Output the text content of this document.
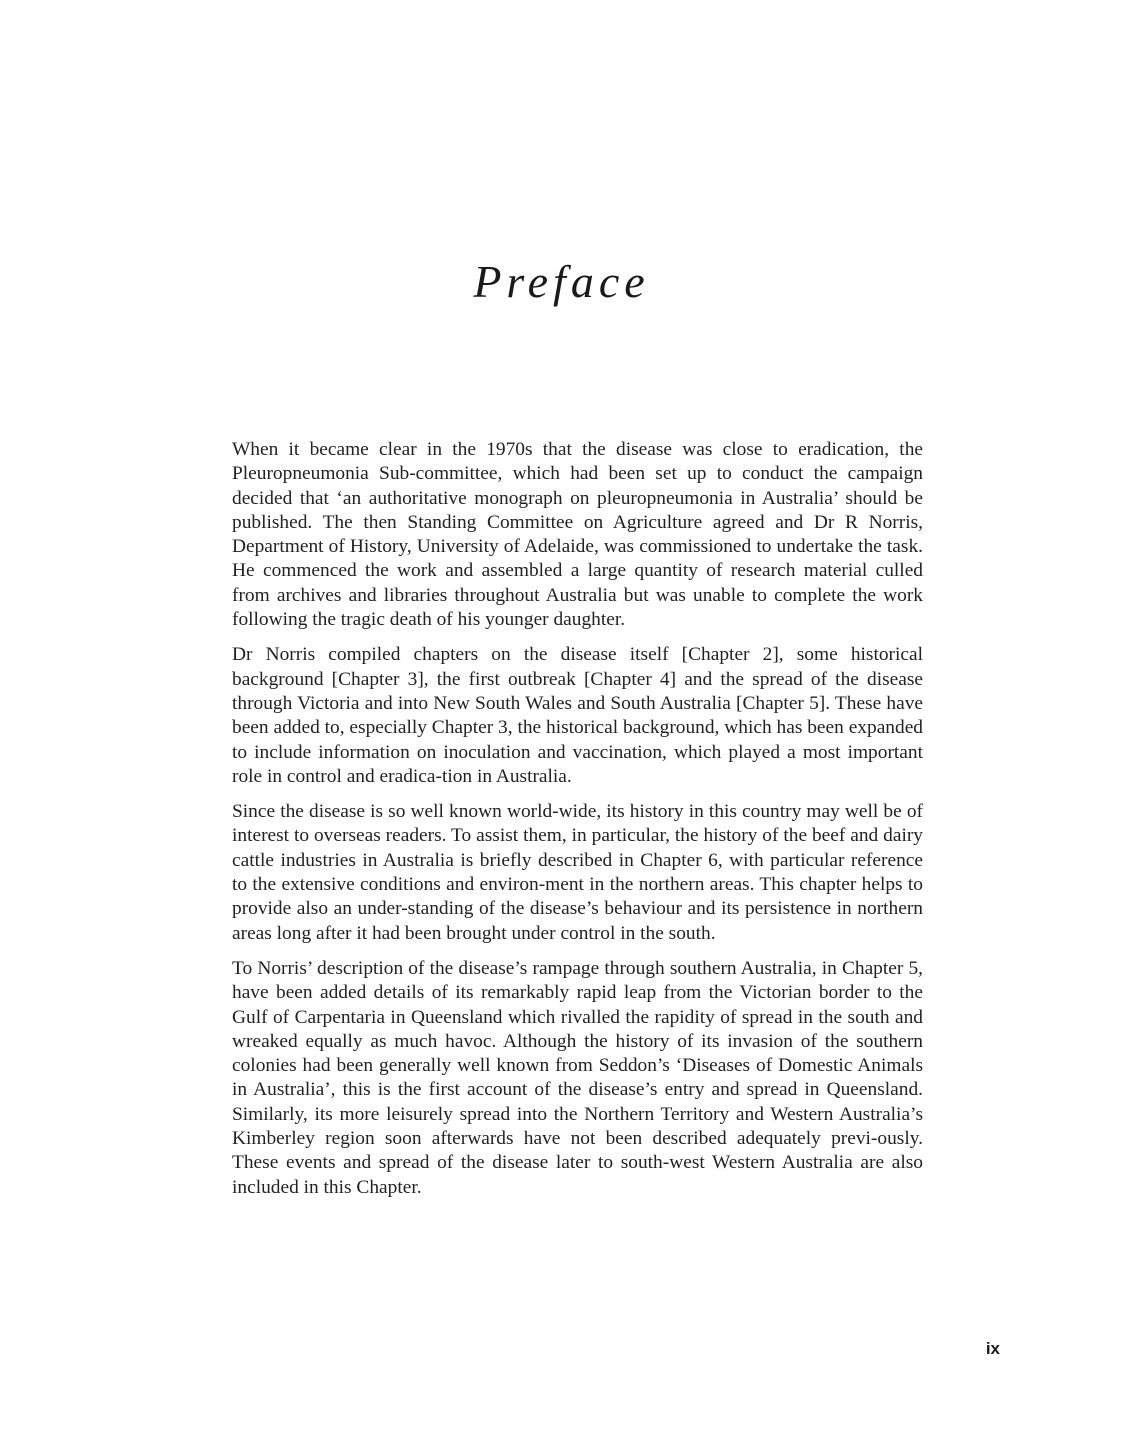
Preface

When it became clear in the 1970s that the disease was close to eradication, the Pleuropneumonia Sub-committee, which had been set up to conduct the campaign decided that ‘an authoritative monograph on pleuropneumonia in Australia’ should be published. The then Standing Committee on Agriculture agreed and Dr R Norris, Department of History, University of Adelaide, was commissioned to undertake the task. He commenced the work and assembled a large quantity of research material culled from archives and libraries throughout Australia but was unable to complete the work following the tragic death of his younger daughter.

Dr Norris compiled chapters on the disease itself [Chapter 2], some historical background [Chapter 3], the first outbreak [Chapter 4] and the spread of the disease through Victoria and into New South Wales and South Australia [Chapter 5]. These have been added to, especially Chapter 3, the historical background, which has been expanded to include information on inoculation and vaccination, which played a most important role in control and eradica-tion in Australia.

Since the disease is so well known world-wide, its history in this country may well be of interest to overseas readers. To assist them, in particular, the history of the beef and dairy cattle industries in Australia is briefly described in Chapter 6, with particular reference to the extensive conditions and environ-ment in the northern areas. This chapter helps to provide also an under-standing of the disease’s behaviour and its persistence in northern areas long after it had been brought under control in the south.

To Norris’ description of the disease’s rampage through southern Australia, in Chapter 5, have been added details of its remarkably rapid leap from the Victorian border to the Gulf of Carpentaria in Queensland which rivalled the rapidity of spread in the south and wreaked equally as much havoc. Although the history of its invasion of the southern colonies had been generally well known from Seddon’s ‘Diseases of Domestic Animals in Australia’, this is the first account of the disease’s entry and spread in Queensland. Similarly, its more leisurely spread into the Northern Territory and Western Australia’s Kimberley region soon afterwards have not been described adequately previ-ously. These events and spread of the disease later to south-west Western Australia are also included in this Chapter.

ix
